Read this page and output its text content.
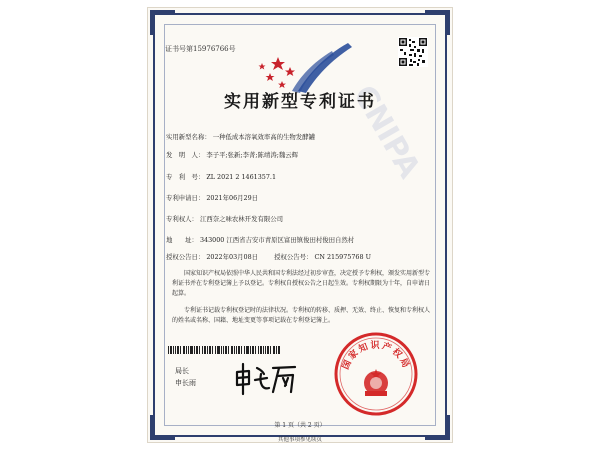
CNIPA
证书号第15976766号
实用新型专利证书
实用新型名称： 一种低成本溶氧效率高的生物发酵罐
发　明　人： 李子平;张新;李菁;陈靖涛;魏云辉
专　利　号： ZL 2021 2 1461357.1
专利申请日： 2021年06月29日
专利权人： 江西奈之味农林开发有限公司
地　　址： 343000 江西省吉安市青原区富田镇俊田村俊田自然村
授权公告日： 2022年03月08日	授权公告号： CN 215975768 U
国家知识产权局依照中华人民共和国专利法经过初步审查，决定授予专利权，颁发实用新型专利证书并在专利登记簿上予以登记。专利权自授权公告之日起生效。专利权期限为十年，自申请日起算。
专利证书记载专利权登记时的法律状况。专利权的转移、质押、无效、终止、恢复和专利权人的姓名或名称、国籍、地址变更等事项记载在专利登记簿上。
局长
申长雨
国家知识产权局
第 1 页（共 2 页）
其他事项参见续页
